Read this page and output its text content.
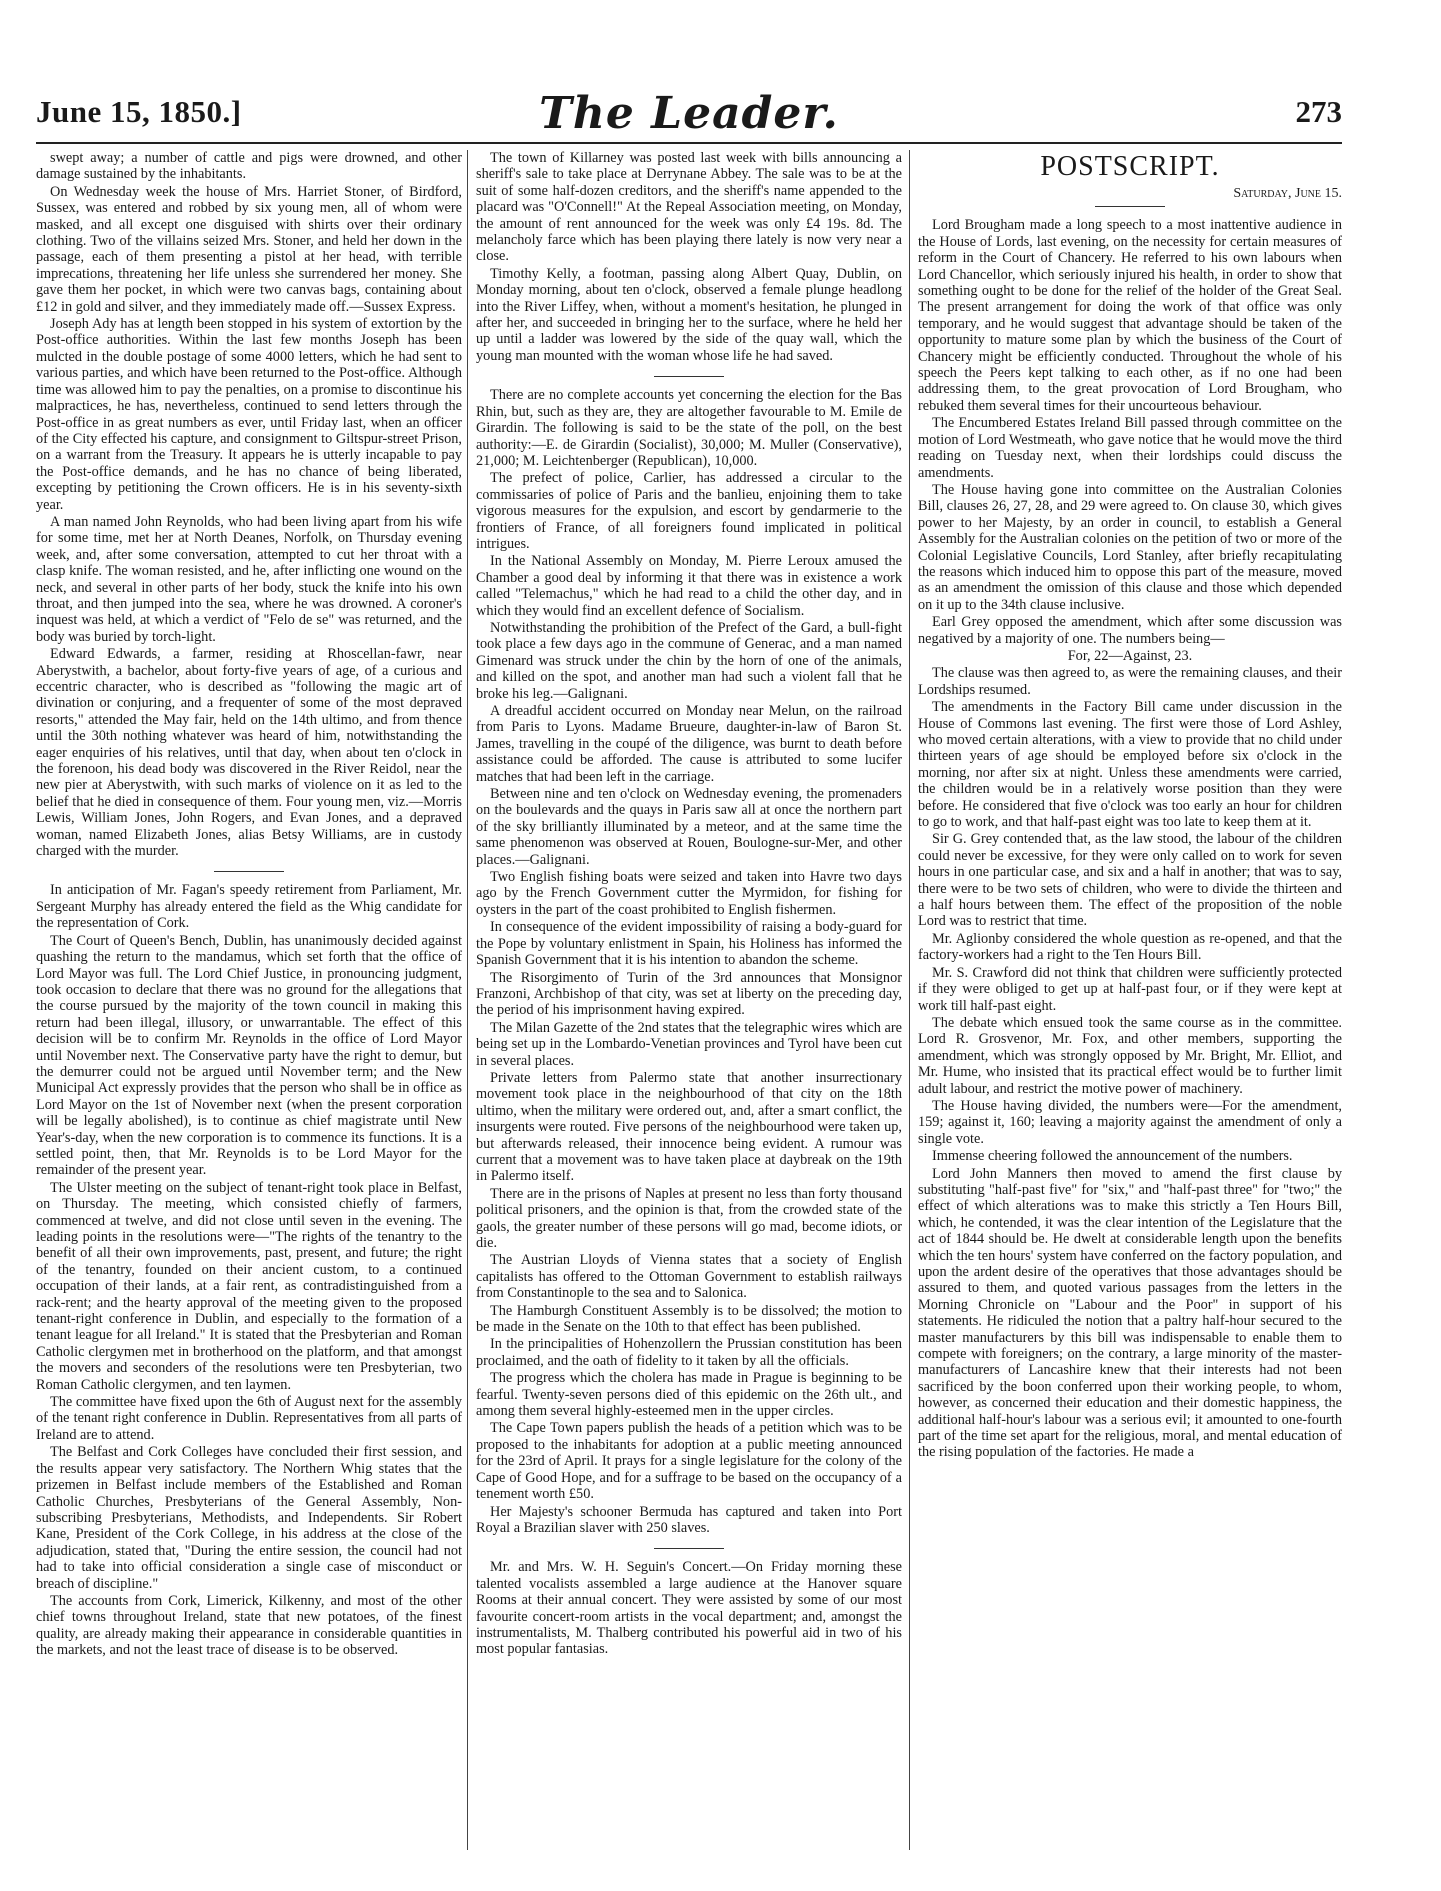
June 15, 1850.]	The Leader.	273

swept away; a number of cattle and pigs were drowned, and other damage sustained by the inhabitants.

On Wednesday week the house of Mrs. Harriet Stoner, of Birdford, Sussex, was entered and robbed by six young men, all of whom were masked, and all except one disguised with shirts over their ordinary clothing. Two of the villains seized Mrs. Stoner, and held her down in the passage, each of them presenting a pistol at her head, with terrible imprecations, threatening her life unless she surrendered her money. She gave them her pocket, in which were two canvas bags, containing about £12 in gold and silver, and they immediately made off.—Sussex Express.

Joseph Ady has at length been stopped in his system of extortion by the Post-office authorities. Within the last few months Joseph has been mulcted in the double postage of some 4000 letters, which he had sent to various parties, and which have been returned to the Post-office. Although time was allowed him to pay the penalties, on a promise to discontinue his malpractices, he has, nevertheless, continued to send letters through the Post-office in as great numbers as ever, until Friday last, when an officer of the City effected his capture, and consignment to Giltspur-street Prison, on a warrant from the Treasury. It appears he is utterly incapable to pay the Post-office demands, and he has no chance of being liberated, excepting by petitioning the Crown officers. He is in his seventy-sixth year.

A man named John Reynolds, who had been living apart from his wife for some time, met her at North Deanes, Norfolk, on Thursday evening week, and, after some conversation, attempted to cut her throat with a clasp knife. The woman resisted, and he, after inflicting one wound on the neck, and several in other parts of her body, stuck the knife into his own throat, and then jumped into the sea, where he was drowned. A coroner's inquest was held, at which a verdict of "Felo de se" was returned, and the body was buried by torch-light.

Edward Edwards, a farmer, residing at Rhoscellan-fawr, near Aberystwith, a bachelor, about forty-five years of age, of a curious and eccentric character, who is described as "following the magic art of divination or conjuring, and a frequenter of some of the most depraved resorts," attended the May fair, held on the 14th ultimo, and from thence until the 30th nothing whatever was heard of him, notwithstanding the eager enquiries of his relatives, until that day, when about ten o'clock in the forenoon, his dead body was discovered in the River Reidol, near the new pier at Aberystwith, with such marks of violence on it as led to the belief that he died in consequence of them. Four young men, viz.—Morris Lewis, William Jones, John Rogers, and Evan Jones, and a depraved woman, named Elizabeth Jones, alias Betsy Williams, are in custody charged with the murder.

In anticipation of Mr. Fagan's speedy retirement from Parliament, Mr. Sergeant Murphy has already entered the field as the Whig candidate for the representation of Cork.

The Court of Queen's Bench, Dublin, has unanimously decided against quashing the return to the mandamus, which set forth that the office of Lord Mayor was full. The Lord Chief Justice, in pronouncing judgment, took occasion to declare that there was no ground for the allegations that the course pursued by the majority of the town council in making this return had been illegal, illusory, or unwarrantable. The effect of this decision will be to confirm Mr. Reynolds in the office of Lord Mayor until November next. The Conservative party have the right to demur, but the demurrer could not be argued until November term; and the New Municipal Act expressly provides that the person who shall be in office as Lord Mayor on the 1st of November next (when the present corporation will be legally abolished), is to continue as chief magistrate until New Year's-day, when the new corporation is to commence its functions. It is a settled point, then, that Mr. Reynolds is to be Lord Mayor for the remainder of the present year.

The Ulster meeting on the subject of tenant-right took place in Belfast, on Thursday. The meeting, which consisted chiefly of farmers, commenced at twelve, and did not close until seven in the evening. The leading points in the resolutions were—"The rights of the tenantry to the benefit of all their own improvements, past, present, and future; the right of the tenantry, founded on their ancient custom, to a continued occupation of their lands, at a fair rent, as contradistinguished from a rack-rent; and the hearty approval of the meeting given to the proposed tenant-right conference in Dublin, and especially to the formation of a tenant league for all Ireland." It is stated that the Presbyterian and Roman Catholic clergymen met in brotherhood on the platform, and that amongst the movers and seconders of the resolutions were ten Presbyterian, two Roman Catholic clergymen, and ten laymen.

The committee have fixed upon the 6th of August next for the assembly of the tenant right conference in Dublin. Representatives from all parts of Ireland are to attend.

The Belfast and Cork Colleges have concluded their first session, and the results appear very satisfactory. The Northern Whig states that the prizemen in Belfast include members of the Established and Roman Catholic Churches, Presbyterians of the General Assembly, Non-subscribing Presbyterians, Methodists, and Independents. Sir Robert Kane, President of the Cork College, in his address at the close of the adjudication, stated that, "During the entire session, the council had not had to take into official consideration a single case of misconduct or breach of discipline."

The accounts from Cork, Limerick, Kilkenny, and most of the other chief towns throughout Ireland, state that new potatoes, of the finest quality, are already making their appearance in considerable quantities in the markets, and not the least trace of disease is to be observed.

The town of Killarney was posted last week with bills announcing a sheriff's sale to take place at Derrynane Abbey. The sale was to be at the suit of some half-dozen creditors, and the sheriff's name appended to the placard was "O'Connell!" At the Repeal Association meeting, on Monday, the amount of rent announced for the week was only £4 19s. 8d. The melancholy farce which has been playing there lately is now very near a close.

Timothy Kelly, a footman, passing along Albert Quay, Dublin, on Monday morning, about ten o'clock, observed a female plunge headlong into the River Liffey, when, without a moment's hesitation, he plunged in after her, and succeeded in bringing her to the surface, where he held her up until a ladder was lowered by the side of the quay wall, which the young man mounted with the woman whose life he had saved.

There are no complete accounts yet concerning the election for the Bas Rhin, but, such as they are, they are altogether favourable to M. Emile de Girardin. The following is said to be the state of the poll, on the best authority:—E. de Girardin (Socialist), 30,000; M. Muller (Conservative), 21,000; M. Leichtenberger (Republican), 10,000.

The prefect of police, Carlier, has addressed a circular to the commissaries of police of Paris and the banlieu, enjoining them to take vigorous measures for the expulsion, and escort by gendarmerie to the frontiers of France, of all foreigners found implicated in political intrigues.

In the National Assembly on Monday, M. Pierre Leroux amused the Chamber a good deal by informing it that there was in existence a work called "Telemachus," which he had read to a child the other day, and in which they would find an excellent defence of Socialism.

Notwithstanding the prohibition of the Prefect of the Gard, a bull-fight took place a few days ago in the commune of Generac, and a man named Gimenard was struck under the chin by the horn of one of the animals, and killed on the spot, and another man had such a violent fall that he broke his leg.—Galignani.

A dreadful accident occurred on Monday near Melun, on the railroad from Paris to Lyons. Madame Brueure, daughter-in-law of Baron St. James, travelling in the coupé of the diligence, was burnt to death before assistance could be afforded. The cause is attributed to some lucifer matches that had been left in the carriage.

Between nine and ten o'clock on Wednesday evening, the promenaders on the boulevards and the quays in Paris saw all at once the northern part of the sky brilliantly illuminated by a meteor, and at the same time the same phenomenon was observed at Rouen, Boulogne-sur-Mer, and other places.—Galignani.

Two English fishing boats were seized and taken into Havre two days ago by the French Government cutter the Myrmidon, for fishing for oysters in the part of the coast prohibited to English fishermen.

In consequence of the evident impossibility of raising a body-guard for the Pope by voluntary enlistment in Spain, his Holiness has informed the Spanish Government that it is his intention to abandon the scheme.

The Risorgimento of Turin of the 3rd announces that Monsignor Franzoni, Archbishop of that city, was set at liberty on the preceding day, the period of his imprisonment having expired.

The Milan Gazette of the 2nd states that the telegraphic wires which are being set up in the Lombardo-Venetian provinces and Tyrol have been cut in several places.

Private letters from Palermo state that another insurrectionary movement took place in the neighbourhood of that city on the 18th ultimo, when the military were ordered out, and, after a smart conflict, the insurgents were routed. Five persons of the neighbourhood were taken up, but afterwards released, their innocence being evident. A rumour was current that a movement was to have taken place at daybreak on the 19th in Palermo itself.

There are in the prisons of Naples at present no less than forty thousand political prisoners, and the opinion is that, from the crowded state of the gaols, the greater number of these persons will go mad, become idiots, or die.

The Austrian Lloyds of Vienna states that a society of English capitalists has offered to the Ottoman Government to establish railways from Constantinople to the sea and to Salonica.

The Hamburgh Constituent Assembly is to be dissolved; the motion to be made in the Senate on the 10th to that effect has been published.

In the principalities of Hohenzollern the Prussian constitution has been proclaimed, and the oath of fidelity to it taken by all the officials.

The progress which the cholera has made in Prague is beginning to be fearful. Twenty-seven persons died of this epidemic on the 26th ult., and among them several highly-esteemed men in the upper circles.

The Cape Town papers publish the heads of a petition which was to be proposed to the inhabitants for adoption at a public meeting announced for the 23rd of April. It prays for a single legislature for the colony of the Cape of Good Hope, and for a suffrage to be based on the occupancy of a tenement worth £50.

Her Majesty's schooner Bermuda has captured and taken into Port Royal a Brazilian slaver with 250 slaves.

Mr. and Mrs. W. H. Seguin's Concert.—On Friday morning these talented vocalists assembled a large audience at the Hanover square Rooms at their annual concert. They were assisted by some of our most favourite concert-room artists in the vocal department; and, amongst the instrumentalists, M. Thalberg contributed his powerful aid in two of his most popular fantasias.

POSTSCRIPT.
Saturday, June 15.

Lord Brougham made a long speech to a most inattentive audience in the House of Lords, last evening, on the necessity for certain measures of reform in the Court of Chancery. He referred to his own labours when Lord Chancellor, which seriously injured his health, in order to show that something ought to be done for the relief of the holder of the Great Seal. The present arrangement for doing the work of that office was only temporary, and he would suggest that advantage should be taken of the opportunity to mature some plan by which the business of the Court of Chancery might be efficiently conducted. Throughout the whole of his speech the Peers kept talking to each other, as if no one had been addressing them, to the great provocation of Lord Brougham, who rebuked them several times for their uncourteous behaviour.

The Encumbered Estates Ireland Bill passed through committee on the motion of Lord Westmeath, who gave notice that he would move the third reading on Tuesday next, when their lordships could discuss the amendments.

The House having gone into committee on the Australian Colonies Bill, clauses 26, 27, 28, and 29 were agreed to. On clause 30, which gives power to her Majesty, by an order in council, to establish a General Assembly for the Australian colonies on the petition of two or more of the Colonial Legislative Councils, Lord Stanley, after briefly recapitulating the reasons which induced him to oppose this part of the measure, moved as an amendment the omission of this clause and those which depended on it up to the 34th clause inclusive.

Earl Grey opposed the amendment, which after some discussion was negatived by a majority of one. The numbers being—

For, 22—Against, 23.

The clause was then agreed to, as were the remaining clauses, and their Lordships resumed.

The amendments in the Factory Bill came under discussion in the House of Commons last evening. The first were those of Lord Ashley, who moved certain alterations, with a view to provide that no child under thirteen years of age should be employed before six o'clock in the morning, nor after six at night. Unless these amendments were carried, the children would be in a relatively worse position than they were before. He considered that five o'clock was too early an hour for children to go to work, and that half-past eight was too late to keep them at it.

Sir G. Grey contended that, as the law stood, the labour of the children could never be excessive, for they were only called on to work for seven hours in one particular case, and six and a half in another; that was to say, there were to be two sets of children, who were to divide the thirteen and a half hours between them. The effect of the proposition of the noble Lord was to restrict that time.

Mr. Aglionby considered the whole question as re-opened, and that the factory-workers had a right to the Ten Hours Bill.

Mr. S. Crawford did not think that children were sufficiently protected if they were obliged to get up at half-past four, or if they were kept at work till half-past eight.

The debate which ensued took the same course as in the committee. Lord R. Grosvenor, Mr. Fox, and other members, supporting the amendment, which was strongly opposed by Mr. Bright, Mr. Elliot, and Mr. Hume, who insisted that its practical effect would be to further limit adult labour, and restrict the motive power of machinery.

The House having divided, the numbers were—For the amendment, 159; against it, 160; leaving a majority against the amendment of only a single vote.

Immense cheering followed the announcement of the numbers.

Lord John Manners then moved to amend the first clause by substituting "half-past five" for "six," and "half-past three" for "two;" the effect of which alterations was to make this strictly a Ten Hours Bill, which, he contended, it was the clear intention of the Legislature that the act of 1844 should be. He dwelt at considerable length upon the benefits which the ten hours' system have conferred on the factory population, and upon the ardent desire of the operatives that those advantages should be assured to them, and quoted various passages from the letters in the Morning Chronicle on "Labour and the Poor" in support of his statements. He ridiculed the notion that a paltry half-hour secured to the master manufacturers by this bill was indispensable to enable them to compete with foreigners; on the contrary, a large minority of the master-manufacturers of Lancashire knew that their interests had not been sacrificed by the boon conferred upon their working people, to whom, however, as concerned their education and their domestic happiness, the additional half-hour's labour was a serious evil; it amounted to one-fourth part of the time set apart for the religious, moral, and mental education of the rising population of the factories. He made a
